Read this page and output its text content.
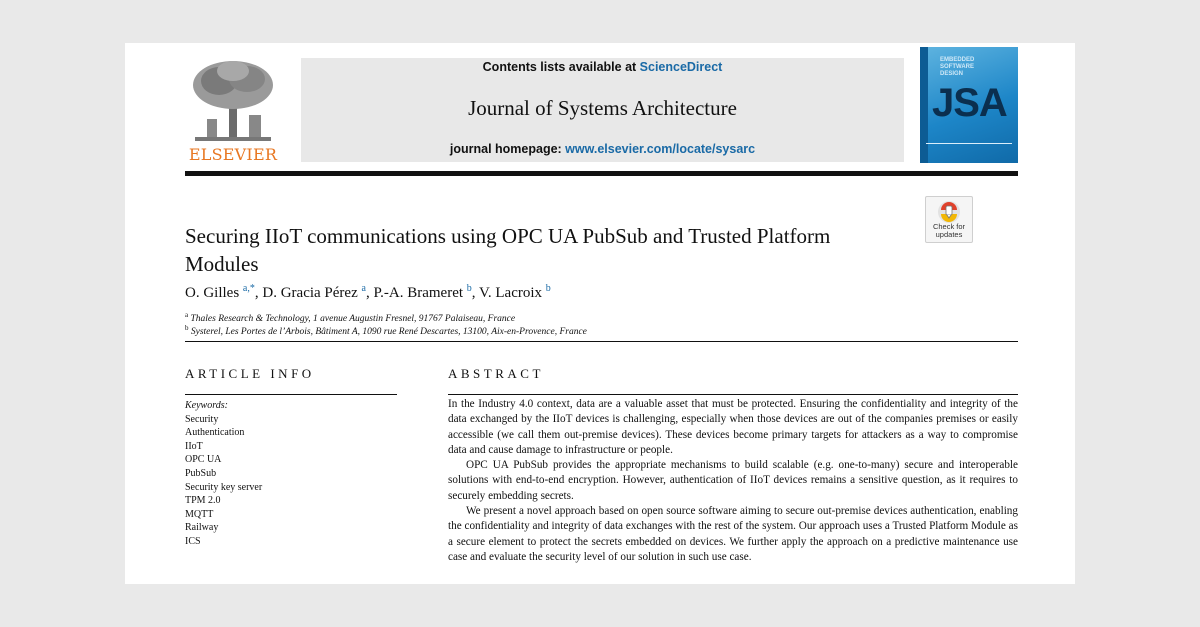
ELSEVIER
Contents lists available at ScienceDirect
Journal of Systems Architecture
journal homepage: www.elsevier.com/locate/sysarc
EMBEDDED
SOFTWARE
DESIGN
JSA
Securing IIoT communications using OPC UA PubSub and Trusted Platform Modules
Check for
updates
O. Gilles $^{a,*}$, D. Gracia Pérez $^a$, P.-A. Brameret $^b$, V. Lacroix $^b$
$^a$ Thales Research & Technology, 1 avenue Augustin Fresnel, 91767 Palaiseau, France
$^b$ Systerel, Les Portes de l’Arbois, Bâtiment A, 1090 rue René Descartes, 13100, Aix-en-Provence, France
ARTICLE INFO
Keywords:
Security
Authentication
IIoT
OPC UA
PubSub
Security key server
TPM 2.0
MQTT
Railway
ICS
ABSTRACT

In the Industry 4.0 context, data are a valuable asset that must be protected. Ensuring the confidentiality and integrity of the data exchanged by the IIoT devices is challenging, especially when those devices are out of the companies premises or easily accessible (we call them out-premise devices). These devices become primary targets for attackers as a way to compromise data and cause damage to infrastructure or people.

OPC UA PubSub provides the appropriate mechanisms to build scalable (e.g. one-to-many) secure and interoperable solutions with end-to-end encryption. However, authentication of IIoT devices remains a sensitive question, as it requires to securely embedding secrets.

We present a novel approach based on open source software aiming to secure out-premise devices authentication, enabling the confidentiality and integrity of data exchanges with the rest of the system. Our approach uses a Trusted Platform Module as a secure element to protect the secrets embedded on devices. We further apply the approach on a predictive maintenance use case and evaluate the security level of our solution in such use case.
